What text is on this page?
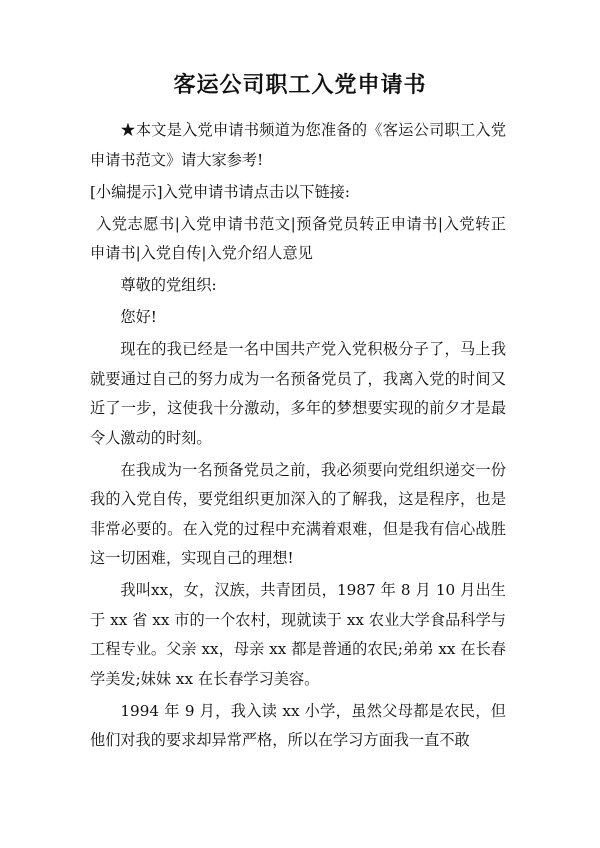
客运公司职工入党申请书

★本文是入党申请书频道为您准备的《客运公司职工入党申请书范文》请大家参考!

[小编提示]入党申请书请点击以下链接:

入党志愿书|入党申请书范文|预备党员转正申请书|入党转正申请书|入党自传|入党介绍人意见

尊敬的党组织:

您好!

现在的我已经是一名中国共产党入党积极分子了，马上我就要通过自己的努力成为一名预备党员了，我离入党的时间又近了一步，这使我十分激动，多年的梦想要实现的前夕才是最令人激动的时刻。

在我成为一名预备党员之前，我必须要向党组织递交一份我的入党自传，要党组织更加深入的了解我，这是程序，也是非常必要的。在入党的过程中充满着艰难，但是我有信心战胜这一切困难，实现自己的理想!

我叫xx，女，汉族，共青团员，1987 年 8 月 10 月出生于 xx 省 xx 市的一个农村，现就读于 xx 农业大学食品科学与工程专业。父亲 xx，母亲 xx 都是普通的农民;弟弟 xx 在长春学美发;妹妹 xx 在长春学习美容。

1994 年 9 月，我入读 xx 小学，虽然父母都是农民，但他们对我的要求却异常严格，所以在学习方面我一直不敢
